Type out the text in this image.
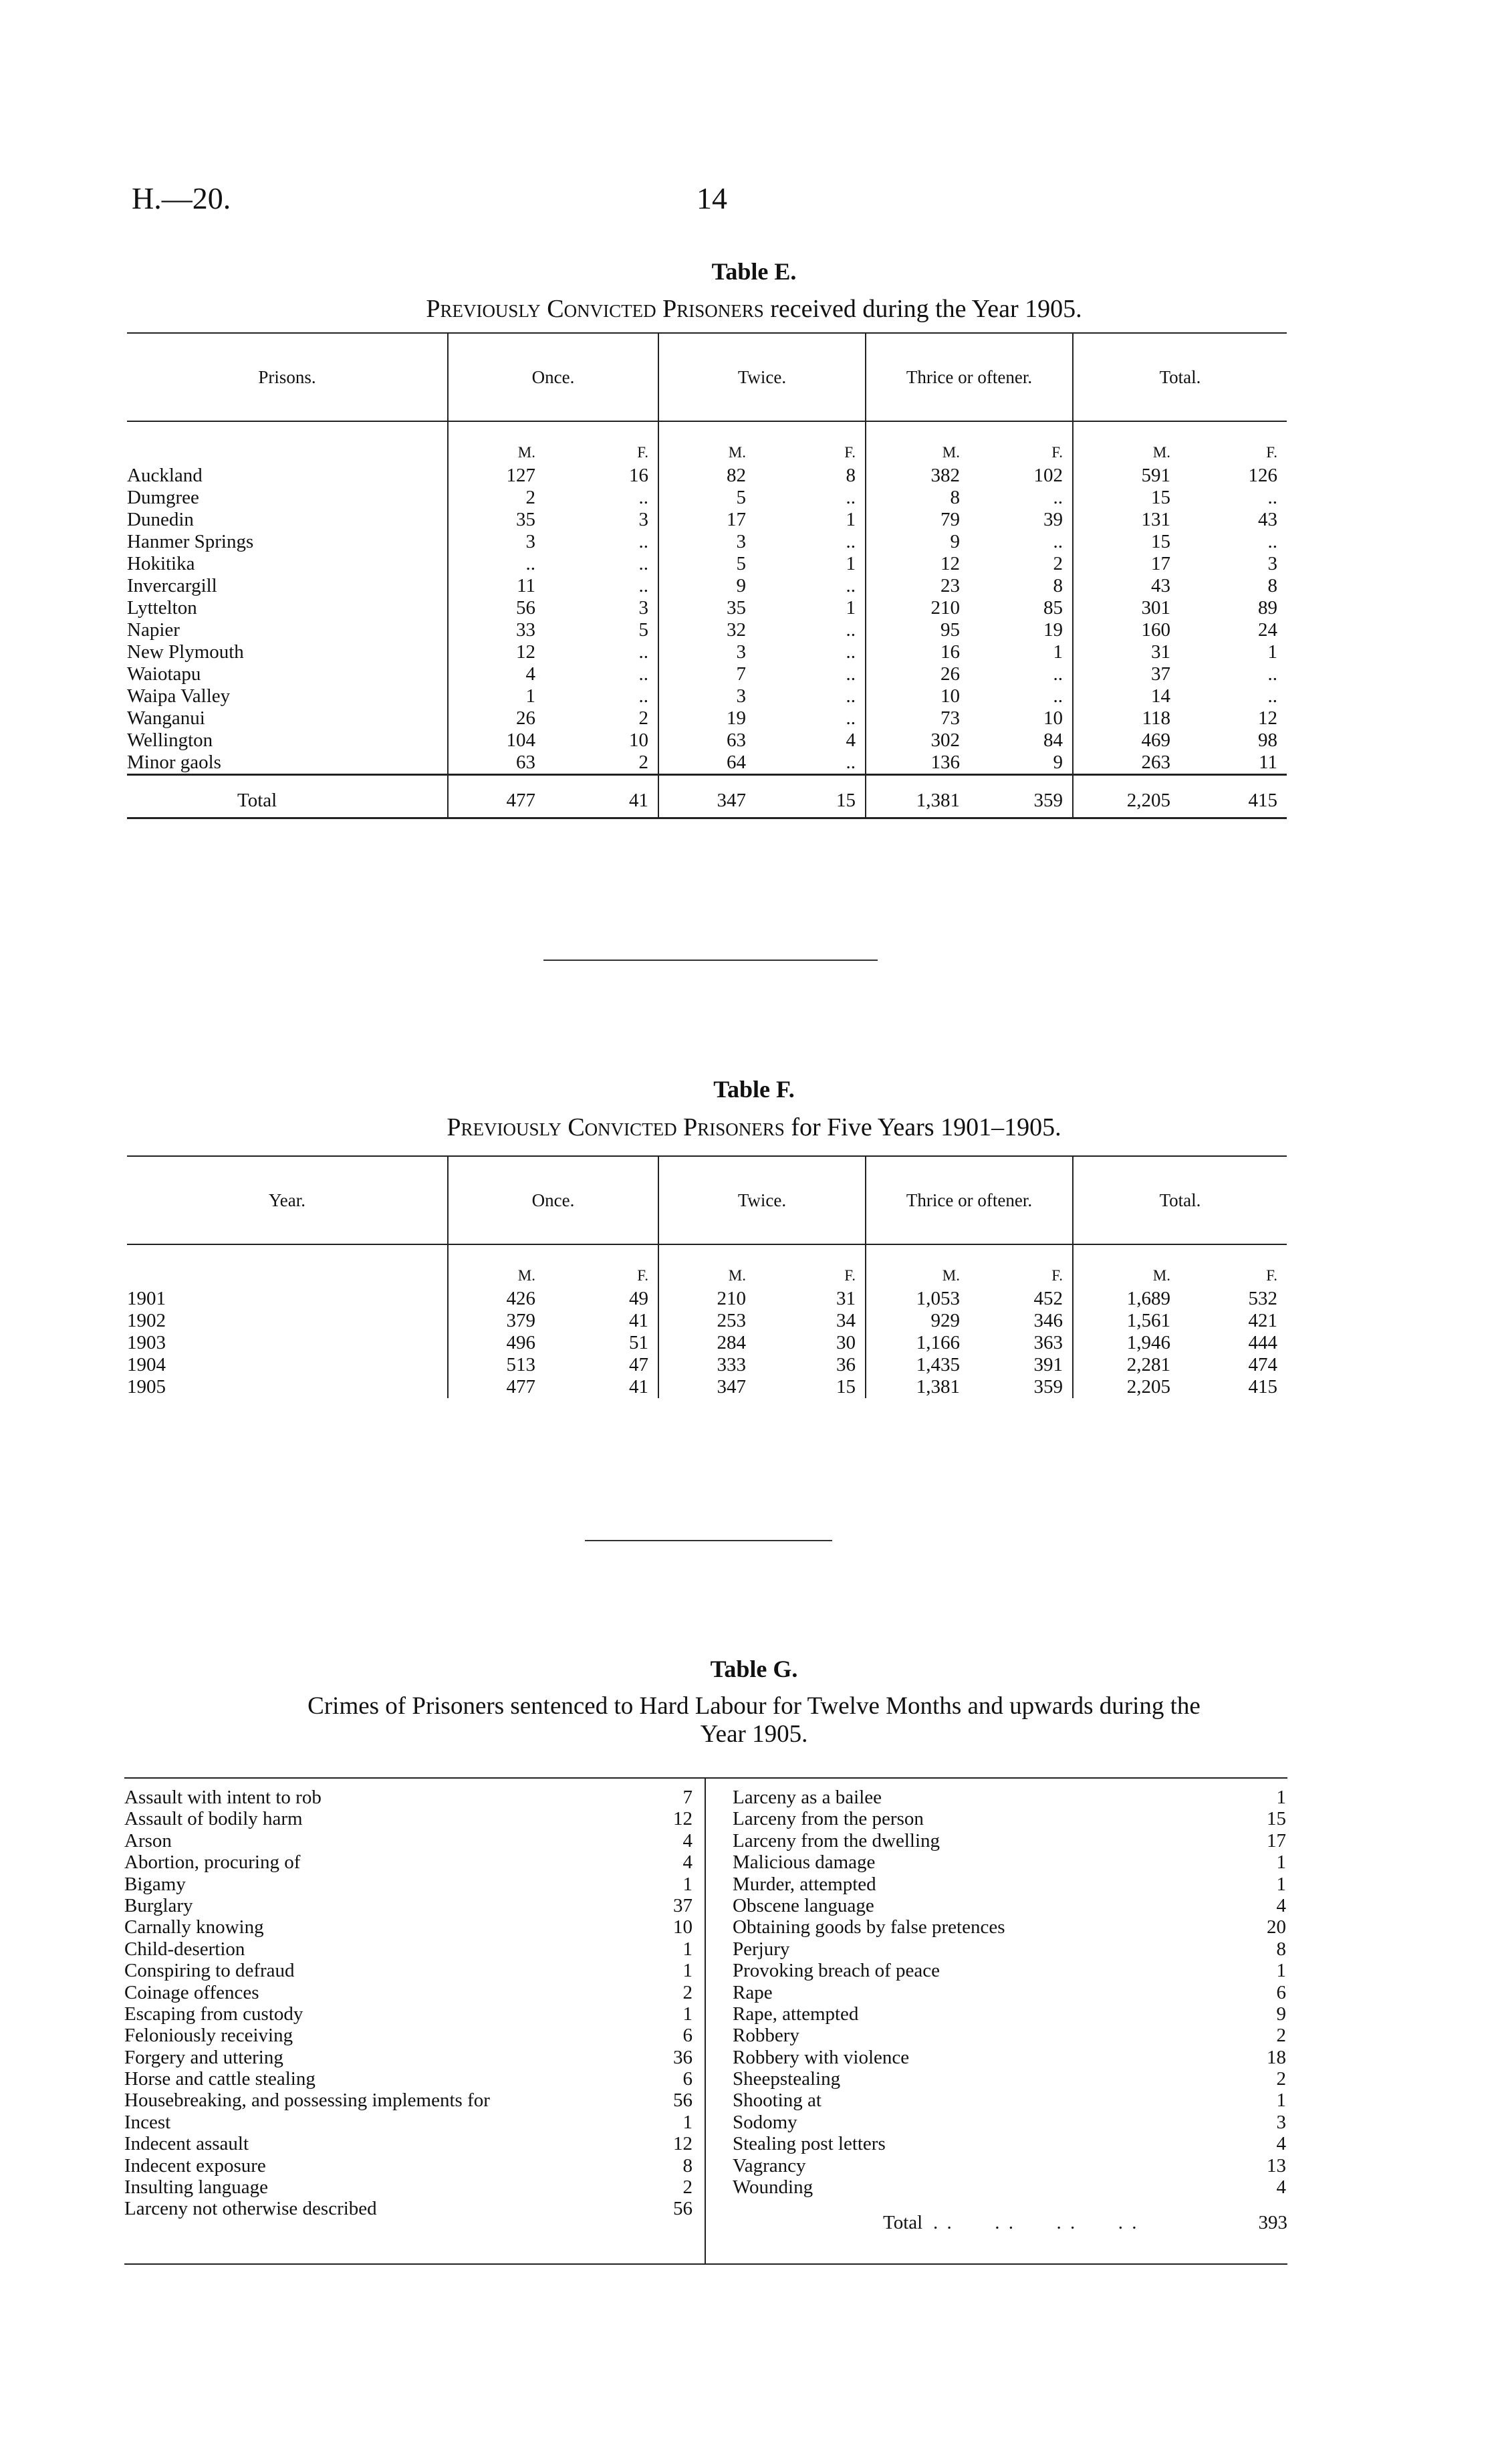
H.—20.	14
Table E.
Previously Convicted Prisoners received during the Year 1905.
Prisons.	Once.		Twice.		Thrice or oftener.		Total.	
	M.	F.	M.	F.	M.	F.	M.	F.
Auckland	127	16	82	8	382	102	591	126
Dumgree	2	..	5	..	8	..	15	..
Dunedin	35	3	17	1	79	39	131	43
Hanmer Springs	3	..	3	..	9	..	15	..
Hokitika	..	..	5	1	12	2	17	3
Invercargill	11	..	9	..	23	8	43	8
Lyttelton	56	3	35	1	210	85	301	89
Napier	33	5	32	..	95	19	160	24
New Plymouth	12	..	3	..	16	1	31	1
Waiotapu	4	..	7	..	26	..	37	..
Waipa Valley	1	..	3	..	10	..	14	..
Wanganui	26	2	19	..	73	10	118	12
Wellington	104	10	63	4	302	84	469	98
Minor gaols	63	2	64	..	136	9	263	11
Total	477	41	347	15	1,381	359	2,205	415
Table F.
Previously Convicted Prisoners for Five Years 1901–1905.
Year.	Once.		Twice.		Thrice or oftener.		Total.	
	M.	F.	M.	F.	M.	F.	M.	F.
1901	426	49	210	31	1,053	452	1,689	532
1902	379	41	253	34	929	346	1,561	421
1903	496	51	284	30	1,166	363	1,946	444
1904	513	47	333	36	1,435	391	2,281	474
1905	477	41	347	15	1,381	359	2,205	415
Table G.
Crimes of Prisoners sentenced to Hard Labour for Twelve Months and upwards during the
Year 1905.
Assault with intent to rob	7
Assault of bodily harm	12
Arson	4
Abortion, procuring of	4
Bigamy	1
Burglary	37
Carnally knowing	10
Child-desertion	1
Conspiring to defraud	1
Coinage offences	2
Escaping from custody	1
Feloniously receiving	6
Forgery and uttering	36
Horse and cattle stealing	6
Housebreaking, and possessing implements for	56
Incest	1
Indecent assault	12
Indecent exposure	8
Insulting language	2
Larceny not otherwise described	56
Larceny as a bailee	1
Larceny from the person	15
Larceny from the dwelling	17
Malicious damage	1
Murder, attempted	1
Obscene language	4
Obtaining goods by false pretences	20
Perjury	8
Provoking breach of peace	1
Rape	6
Rape, attempted	9
Robbery	2
Robbery with violence	18
Sheepstealing	2
Shooting at	1
Sodomy	3
Stealing post letters	4
Vagrancy	13
Wounding	4
Total . .      . .      . .      . .	393
